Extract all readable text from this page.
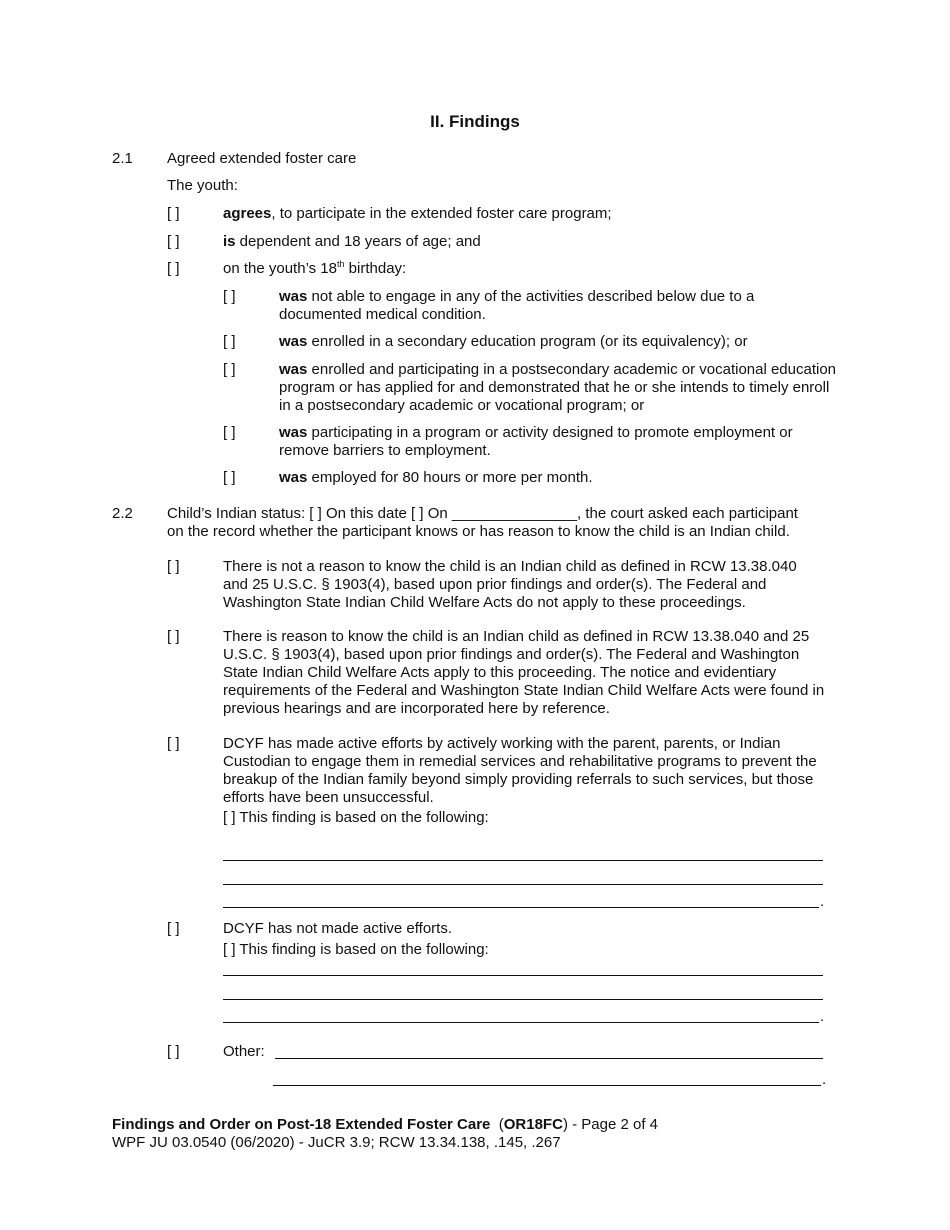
II. Findings
2.1 Agreed extended foster care
The youth:
[ ]	agrees, to participate in the extended foster care program;
[ ]	is dependent and 18 years of age; and
[ ]	on the youth’s 18th birthday:
[ ]	was not able to engage in any of the activities described below due to a documented medical condition.
[ ]	was enrolled in a secondary education program (or its equivalency); or
[ ]	was enrolled and participating in a postsecondary academic or vocational education program or has applied for and demonstrated that he or she intends to timely enroll in a postsecondary academic or vocational program; or
[ ]	was participating in a program or activity designed to promote employment or remove barriers to employment.
[ ]	was employed for 80 hours or more per month.
2.2 Child’s Indian status: [ ] On this date [ ] On _______________, the court asked each participant
on the record whether the participant knows or has reason to know the child is an Indian child.
[ ]	There is not a reason to know the child is an Indian child as defined in RCW 13.38.040 and 25 U.S.C. § 1903(4), based upon prior findings and order(s). The Federal and Washington State Indian Child Welfare Acts do not apply to these proceedings.
[ ]	There is reason to know the child is an Indian child as defined in RCW 13.38.040 and 25 U.S.C. § 1903(4), based upon prior findings and order(s). The Federal and Washington State Indian Child Welfare Acts apply to this proceeding. The notice and evidentiary requirements of the Federal and Washington State Indian Child Welfare Acts were found in previous hearings and are incorporated here by reference.
[ ]	DCYF has made active efforts by actively working with the parent, parents, or Indian Custodian to engage them in remedial services and rehabilitative programs to prevent the breakup of the Indian family beyond simply providing referrals to such services, but those efforts have been unsuccessful.
[ ] This finding is based on the following:
.
[ ]	DCYF has not made active efforts.
[ ] This finding is based on the following:
.
[ ]	Other:
.
Findings and Order on Post-18 Extended Foster Care  (OR18FC) - Page 2 of 4
WPF JU 03.0540 (06/2020) - JuCR 3.9; RCW 13.34.138, .145, .267
